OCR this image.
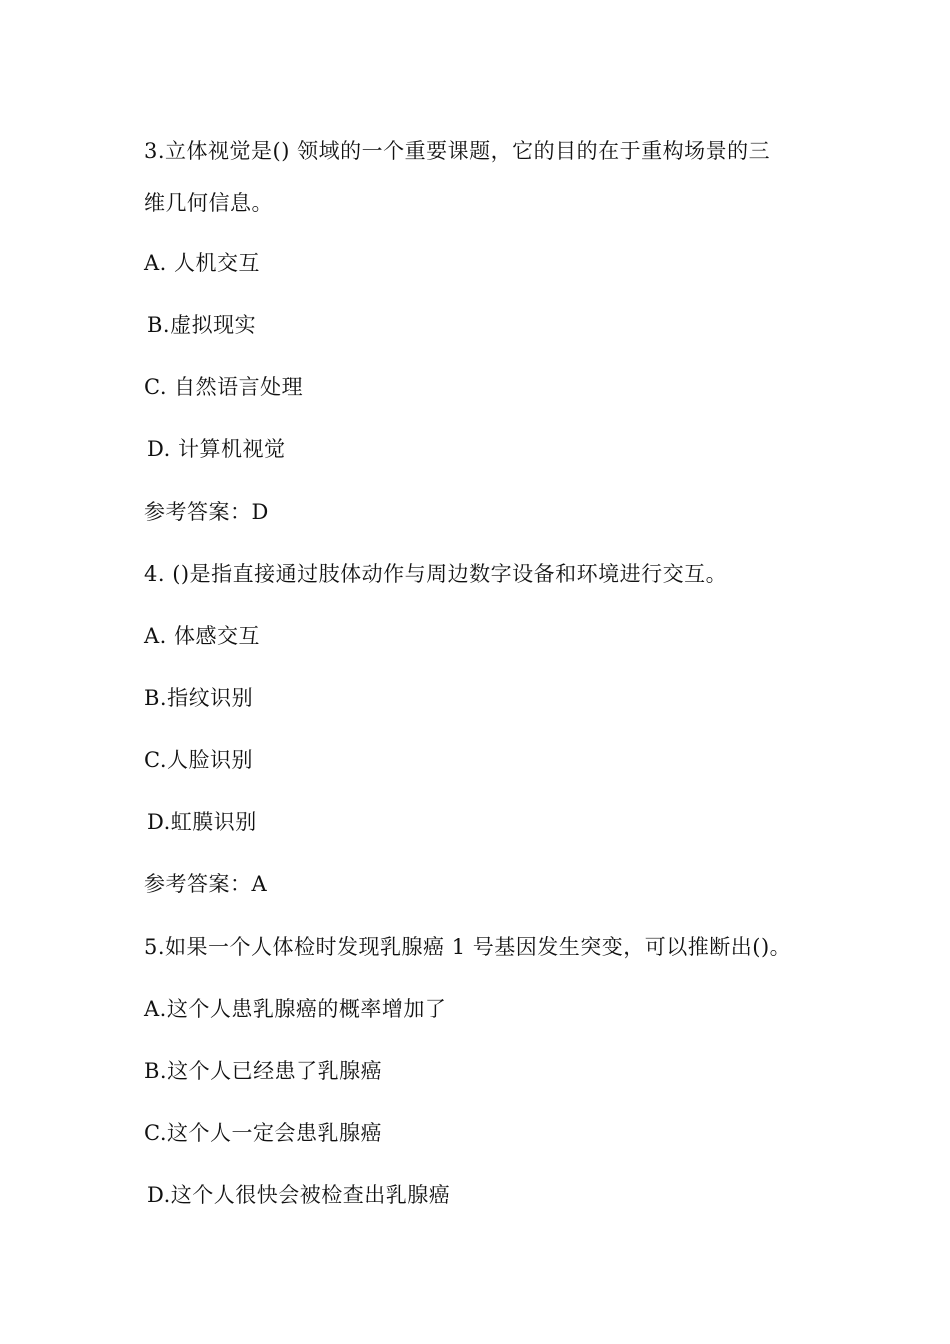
3.立体视觉是() 领域的一个重要课题，它的目的在于重构场景的三
维几何信息。
A. 人机交互
B.虚拟现实
C. 自然语言处理
D. 计算机视觉
参考答案：D
4. ()是指直接通过肢体动作与周边数字设备和环境进行交互。
A. 体感交互
B.指纹识别
C.人脸识别
D.虹膜识别
参考答案：A
5.如果一个人体检时发现乳腺癌 1 号基因发生突变，可以推断出()。
A.这个人患乳腺癌的概率增加了
B.这个人已经患了乳腺癌
C.这个人一定会患乳腺癌
D.这个人很快会被检查出乳腺癌
